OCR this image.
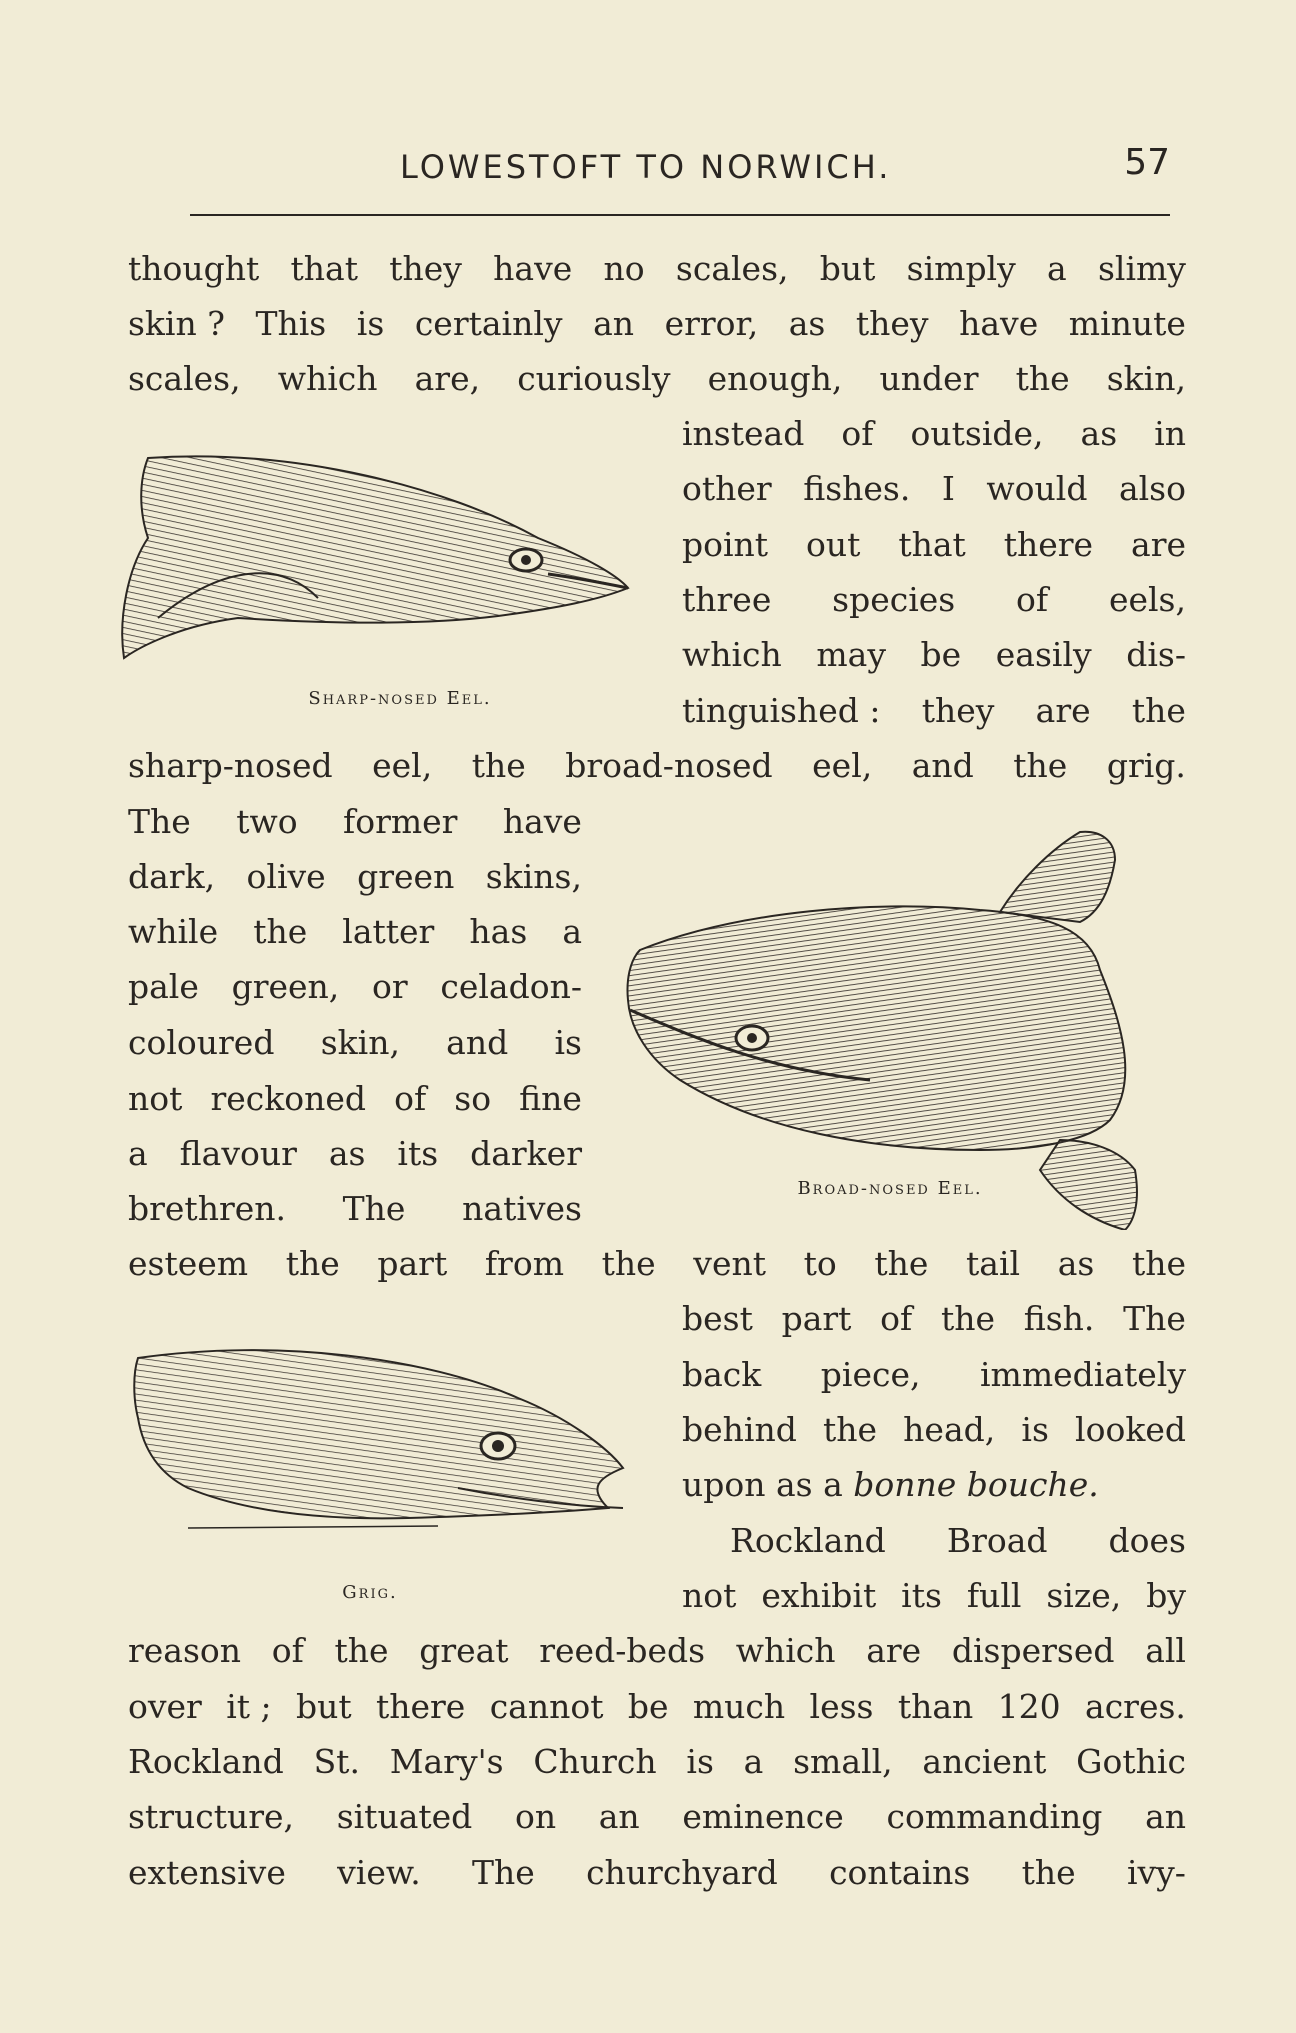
LOWESTOFT TO NORWICH.	57
thought that they have no scales, but simply a slimy
skin ? This is certainly an error, as they have minute
scales, which are, curiously enough, under the skin,
instead of outside, as in
other fishes. I would also
point out that there are
three species of eels,
which may be easily dis-
tinguished : they are the
sharp-nosed eel, the broad-nosed eel, and the grig.
The two former have
dark, olive green skins,
while the latter has a
pale green, or celadon-
coloured skin, and is
not reckoned of so fine
a flavour as its darker
brethren. The natives
esteem the part from the vent to the tail as the
best part of the fish. The
back piece, immediately
behind the head, is looked
upon as a bonne bouche.
Rockland Broad does
not exhibit its full size, by
reason of the great reed-beds which are dispersed all
over it ; but there cannot be much less than 120 acres.
Rockland St. Mary's Church is a small, ancient Gothic
structure, situated on an eminence commanding an
extensive view. The churchyard contains the ivy-
Sharp-nosed Eel.
Broad-nosed Eel.
Grig.
